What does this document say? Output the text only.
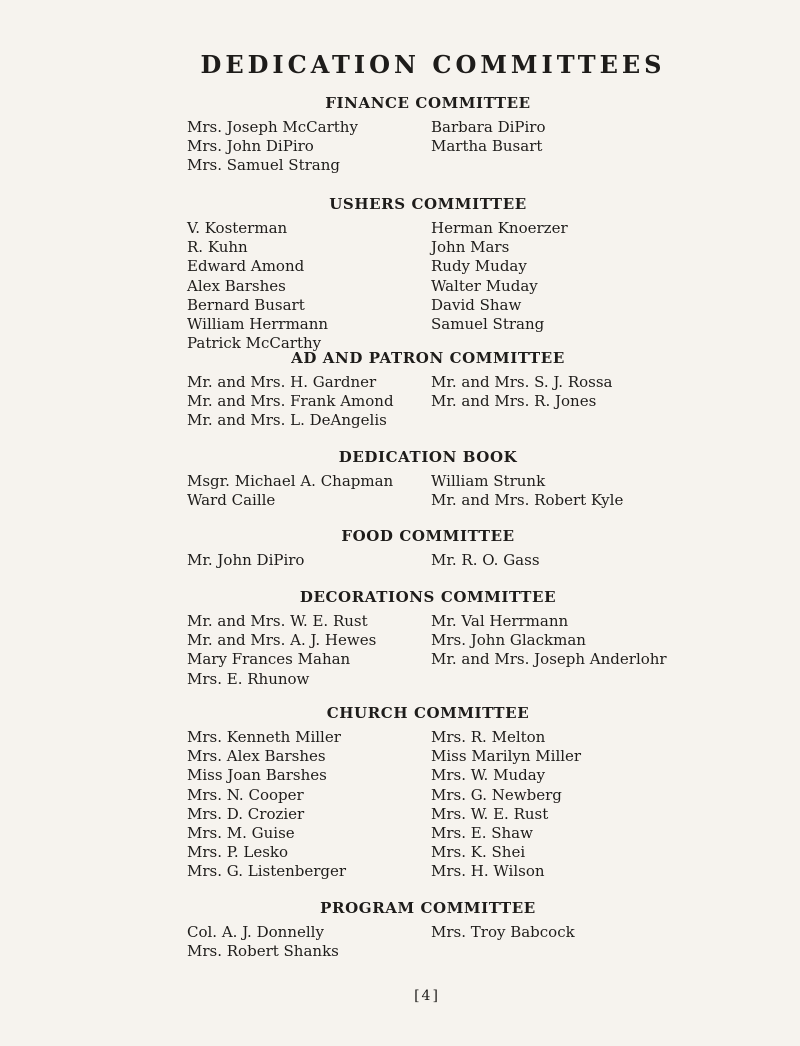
DEDICATION COMMITTEES
FINANCE COMMITTEE
Mrs. Joseph McCarthy
Mrs. John DiPiro
Mrs. Samuel Strang
Barbara DiPiro
Martha Busart
USHERS COMMITTEE
V. Kosterman
R. Kuhn
Edward Amond
Alex Barshes
Bernard Busart
William Herrmann
Patrick McCarthy
Herman Knoerzer
John Mars
Rudy Muday
Walter Muday
David Shaw
Samuel Strang
AD AND PATRON COMMITTEE
Mr. and Mrs. H. Gardner
Mr. and Mrs. Frank Amond
Mr. and Mrs. L. DeAngelis
Mr. and Mrs. S. J. Rossa
Mr. and Mrs. R. Jones
DEDICATION BOOK
Msgr. Michael A. Chapman
Ward Caille
William Strunk
Mr. and Mrs. Robert Kyle
FOOD COMMITTEE
Mr. John DiPiro	Mr. R. O. Gass
DECORATIONS COMMITTEE
Mr. and Mrs. W. E. Rust
Mr. and Mrs. A. J. Hewes
Mary Frances Mahan
Mrs. E. Rhunow
Mr. Val Herrmann
Mrs. John Glackman
Mr. and Mrs. Joseph Anderlohr
CHURCH COMMITTEE
Mrs. Kenneth Miller
Mrs. Alex Barshes
Miss Joan Barshes
Mrs. N. Cooper
Mrs. D. Crozier
Mrs. M. Guise
Mrs. P. Lesko
Mrs. G. Listenberger
Mrs. R. Melton
Miss Marilyn Miller
Mrs. W. Muday
Mrs. G. Newberg
Mrs. W. E. Rust
Mrs. E. Shaw
Mrs. K. Shei
Mrs. H. Wilson
PROGRAM COMMITTEE
Col. A. J. Donnelly
Mrs. Robert Shanks
Mrs. Troy Babcock
[4]
